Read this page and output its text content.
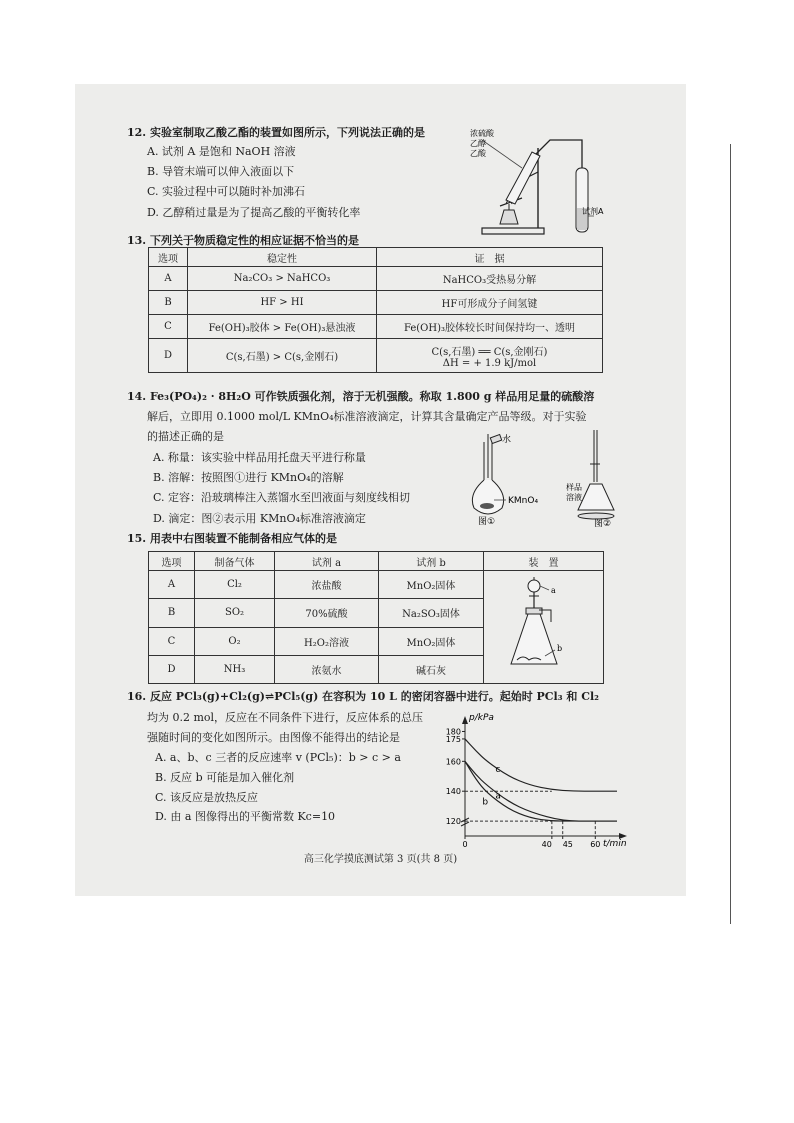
12. 实验室制取乙酸乙酯的装置如图所示，下列说法正确的是
A. 试剂 A 是饱和 NaOH 溶液
B. 导管末端可以伸入液面以下
C. 实验过程中可以随时补加沸石
D. 乙醇稍过量是为了提高乙酸的平衡转化率
浓硫酸
乙醇
乙酸
试剂A
13. 下列关于物质稳定性的相应证据不恰当的是
选项	稳定性	证　据
A	Na₂CO₃ > NaHCO₃	NaHCO₃受热易分解
B	HF > HI	HF可形成分子间氢键
C	Fe(OH)₃胶体 > Fe(OH)₃悬浊液	Fe(OH)₃胶体较长时间保持均一、透明
D	C(s,石墨) > C(s,金刚石)	C(s,石墨) ══ C(s,金刚石)
ΔH = + 1.9 kJ/mol
14. Fe₃(PO₄)₂ · 8H₂O 可作铁质强化剂，溶于无机强酸。称取 1.800 g 样品用足量的硫酸溶
解后，立即用 0.1000 mol/L KMnO₄标准溶液滴定，计算其含量确定产品等级。对于实验
的描述正确的是
A. 称量：该实验中样品用托盘天平进行称量
B. 溶解：按照图①进行 KMnO₄的溶解
C. 定容：沿玻璃棒注入蒸馏水至凹液面与刻度线相切
D. 滴定：图②表示用 KMnO₄标准溶液滴定
水
KMnO₄
图①
样品
溶液
图②
15. 用表中右图装置不能制备相应气体的是
选项	制备气体	试剂 a	试剂 b	装　置
A	Cl₂	浓盐酸	MnO₂固体	a
b

B	SO₂	70%硫酸	Na₂SO₃固体	
C	O₂	H₂O₂溶液	MnO₂固体	
D	NH₃	浓氨水	碱石灰	
16. 反应 PCl₃(g)+Cl₂(g)⇌PCl₅(g) 在容积为 10 L 的密闭容器中进行。起始时 PCl₃ 和 Cl₂
均为 0.2 mol，反应在不同条件下进行，反应体系的总压
强随时间的变化如图所示。由图像不能得出的结论是
A. a、b、c 三者的反应速率 v (PCl₅)：b > c > a
B. 反应 b 可能是加入催化剂
C. 该反应是放热反应
D. 由 a 图像得出的平衡常数 Kc=10
p/kPa
t/min
180
175
160
140
120
0	40 45 60
a
b
c
高三化学摸底测试第 3 页(共 8 页)
